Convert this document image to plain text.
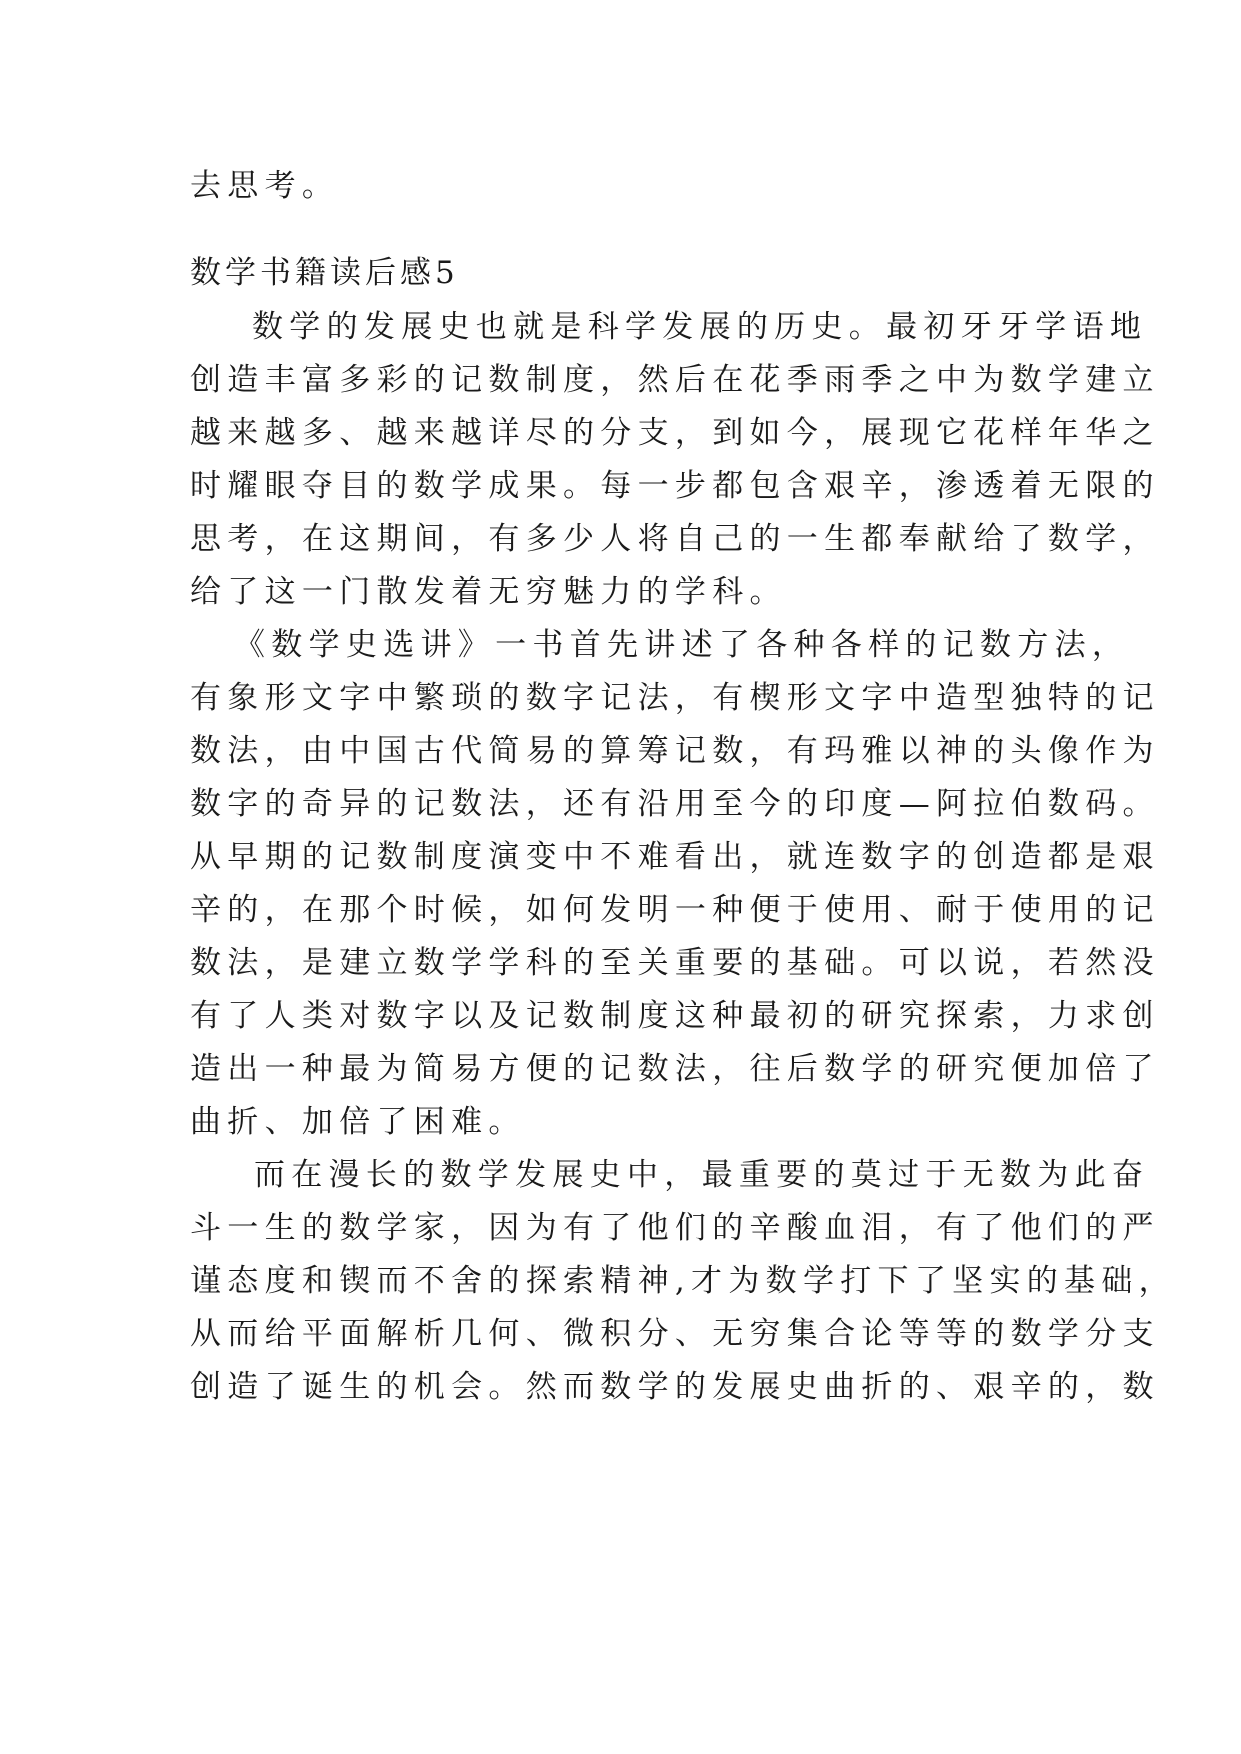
去思考。
数学书籍读后感5
数学的发展史也就是科学发展的历史。最初牙牙学语地
创造丰富多彩的记数制度，然后在花季雨季之中为数学建立
越来越多、越来越详尽的分支，到如今，展现它花样年华之
时耀眼夺目的数学成果。每一步都包含艰辛，渗透着无限的
思考，在这期间，有多少人将自己的一生都奉献给了数学，
给了这一门散发着无穷魅力的学科。
《数学史选讲》一书首先讲述了各种各样的记数方法，
有象形文字中繁琐的数字记法，有楔形文字中造型独特的记
数法，由中国古代简易的算筹记数，有玛雅以神的头像作为
数字的奇异的记数法，还有沿用至今的印度—阿拉伯数码。
从早期的记数制度演变中不难看出，就连数字的创造都是艰
辛的，在那个时候，如何发明一种便于使用、耐于使用的记
数法，是建立数学学科的至关重要的基础。可以说，若然没
有了人类对数字以及记数制度这种最初的研究探索，力求创
造出一种最为简易方便的记数法，往后数学的研究便加倍了
曲折、加倍了困难。
而在漫长的数学发展史中，最重要的莫过于无数为此奋
斗一生的数学家，因为有了他们的辛酸血泪，有了他们的严
谨态度和锲而不舍的探索精神,才为数学打下了坚实的基础，
从而给平面解析几何、微积分、无穷集合论等等的数学分支
创造了诞生的机会。然而数学的发展史曲折的、艰辛的，数
